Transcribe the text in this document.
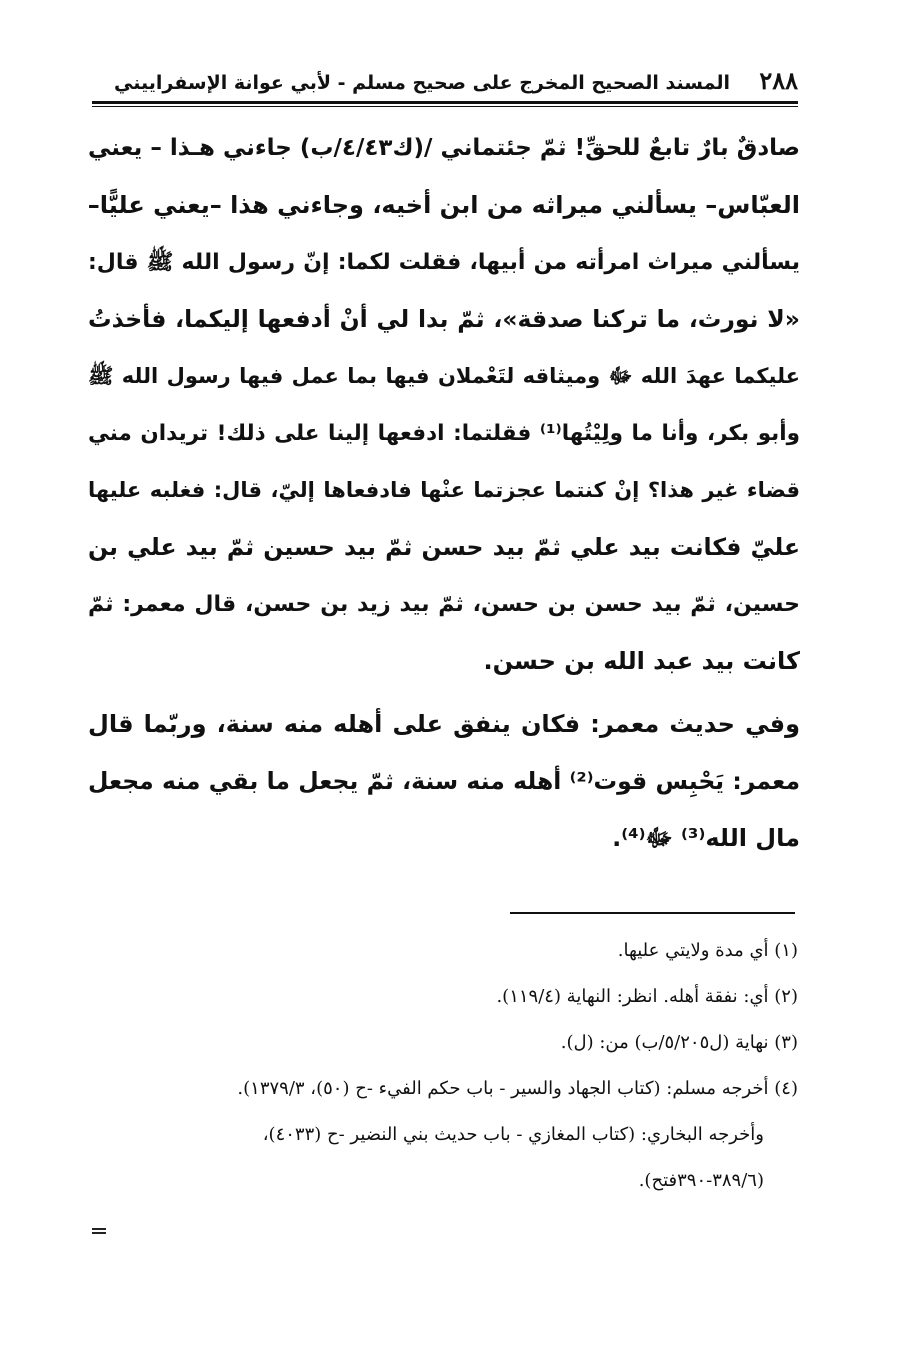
٢٨٨
المسند الصحيح المخرج على صحيح مسلم - لأبي عوانة الإسفراييني
صادقٌ بارٌ تابعٌ للحقِّ! ثمّ جئتماني /(ك٤/٤٣/ب) جاءني هـذا – يعني
العبّاس– يسألني ميراثه من ابن أخيه، وجاءني هذا –يعني عليًّا–
يسألني ميراث امرأته من أبيها، فقلت لكما: إنّ رسول الله ﷺ قال:
«لا نورث، ما تركنا صدقة»، ثمّ بدا لي أنْ أدفعها إليكما، فأخذتُ
عليكما عهدَ الله ﷻ وميثاقه لتَعْملان فيها بما عمل فيها رسول الله ﷺ
وأبو بكر، وأنا ما ولِيْتُها⁽¹⁾ فقلتما: ادفعها إلينا على ذلك! تريدان مني
قضاء غير هذا؟ إنْ كنتما عجزتما عنْها فادفعاها إليّ، قال: فغلبه عليها
عليّ فكانت بيد علي ثمّ بيد حسن ثمّ بيد حسين ثمّ بيد علي بن
حسين، ثمّ بيد حسن بن حسن، ثمّ بيد زيد بن حسن، قال معمر: ثمّ
كانت بيد عبد الله بن حسن.
وفي حديث معمر: فكان ينفق على أهله منه سنة، وربّما قال
معمر: يَحْبِس قوت⁽²⁾ أهله منه سنة، ثمّ يجعل ما بقي منه مجعل
مال الله⁽³⁾ ﷻ⁽⁴⁾.
(١) أي مدة ولايتي عليها.
(٢) أي: نفقة أهله. انظر: النهاية (١١٩/٤).
(٣) نهاية (ل٥/٢٠٥/ب) من: (ل).
(٤) أخرجه مسلم: (كتاب الجهاد والسير - باب حكم الفيء -ح (٥٠)، ١٣٧٩/٣).
وأخرجه البخاري: (كتاب المغازي - باب حديث بني النضير -ح (٤٠٣٣)،
(٣٨٩/٦-٣٩٠فتح).
